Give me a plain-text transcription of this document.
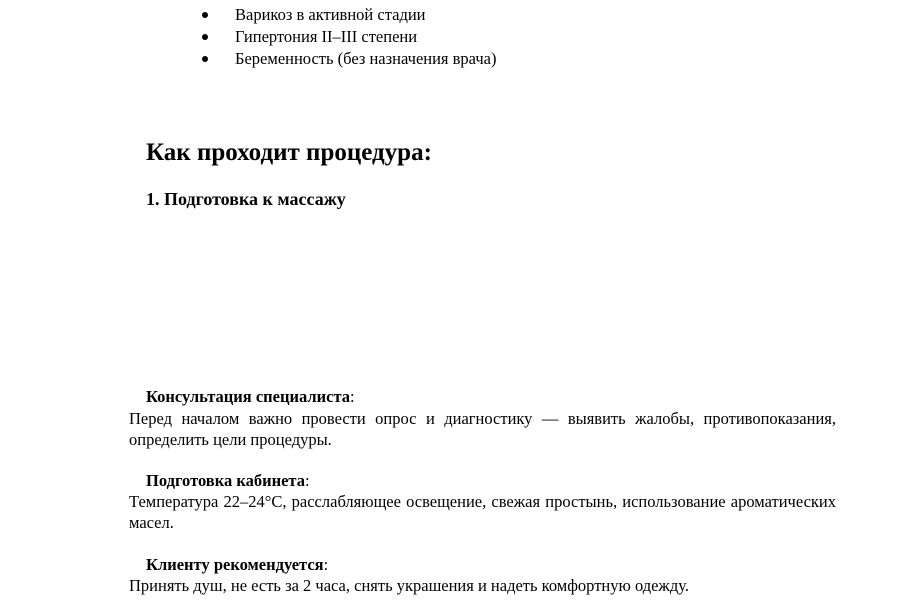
Варикоз в активной стадии
Гипертония II–III степени
Беременность (без назначения врача)
Как проходит процедура:
1. Подготовка к массажу

Консультация специалиста:

Перед началом важно провести опрос и диагностику — выявить жалобы, противопоказания, определить цели процедуры.

Подготовка кабинета:

Температура 22–24°C, расслабляющее освещение, свежая простынь, использование ароматических масел.

Клиенту рекомендуется:

Принять душ, не есть за 2 часа, снять украшения и надеть комфортную одежду.
